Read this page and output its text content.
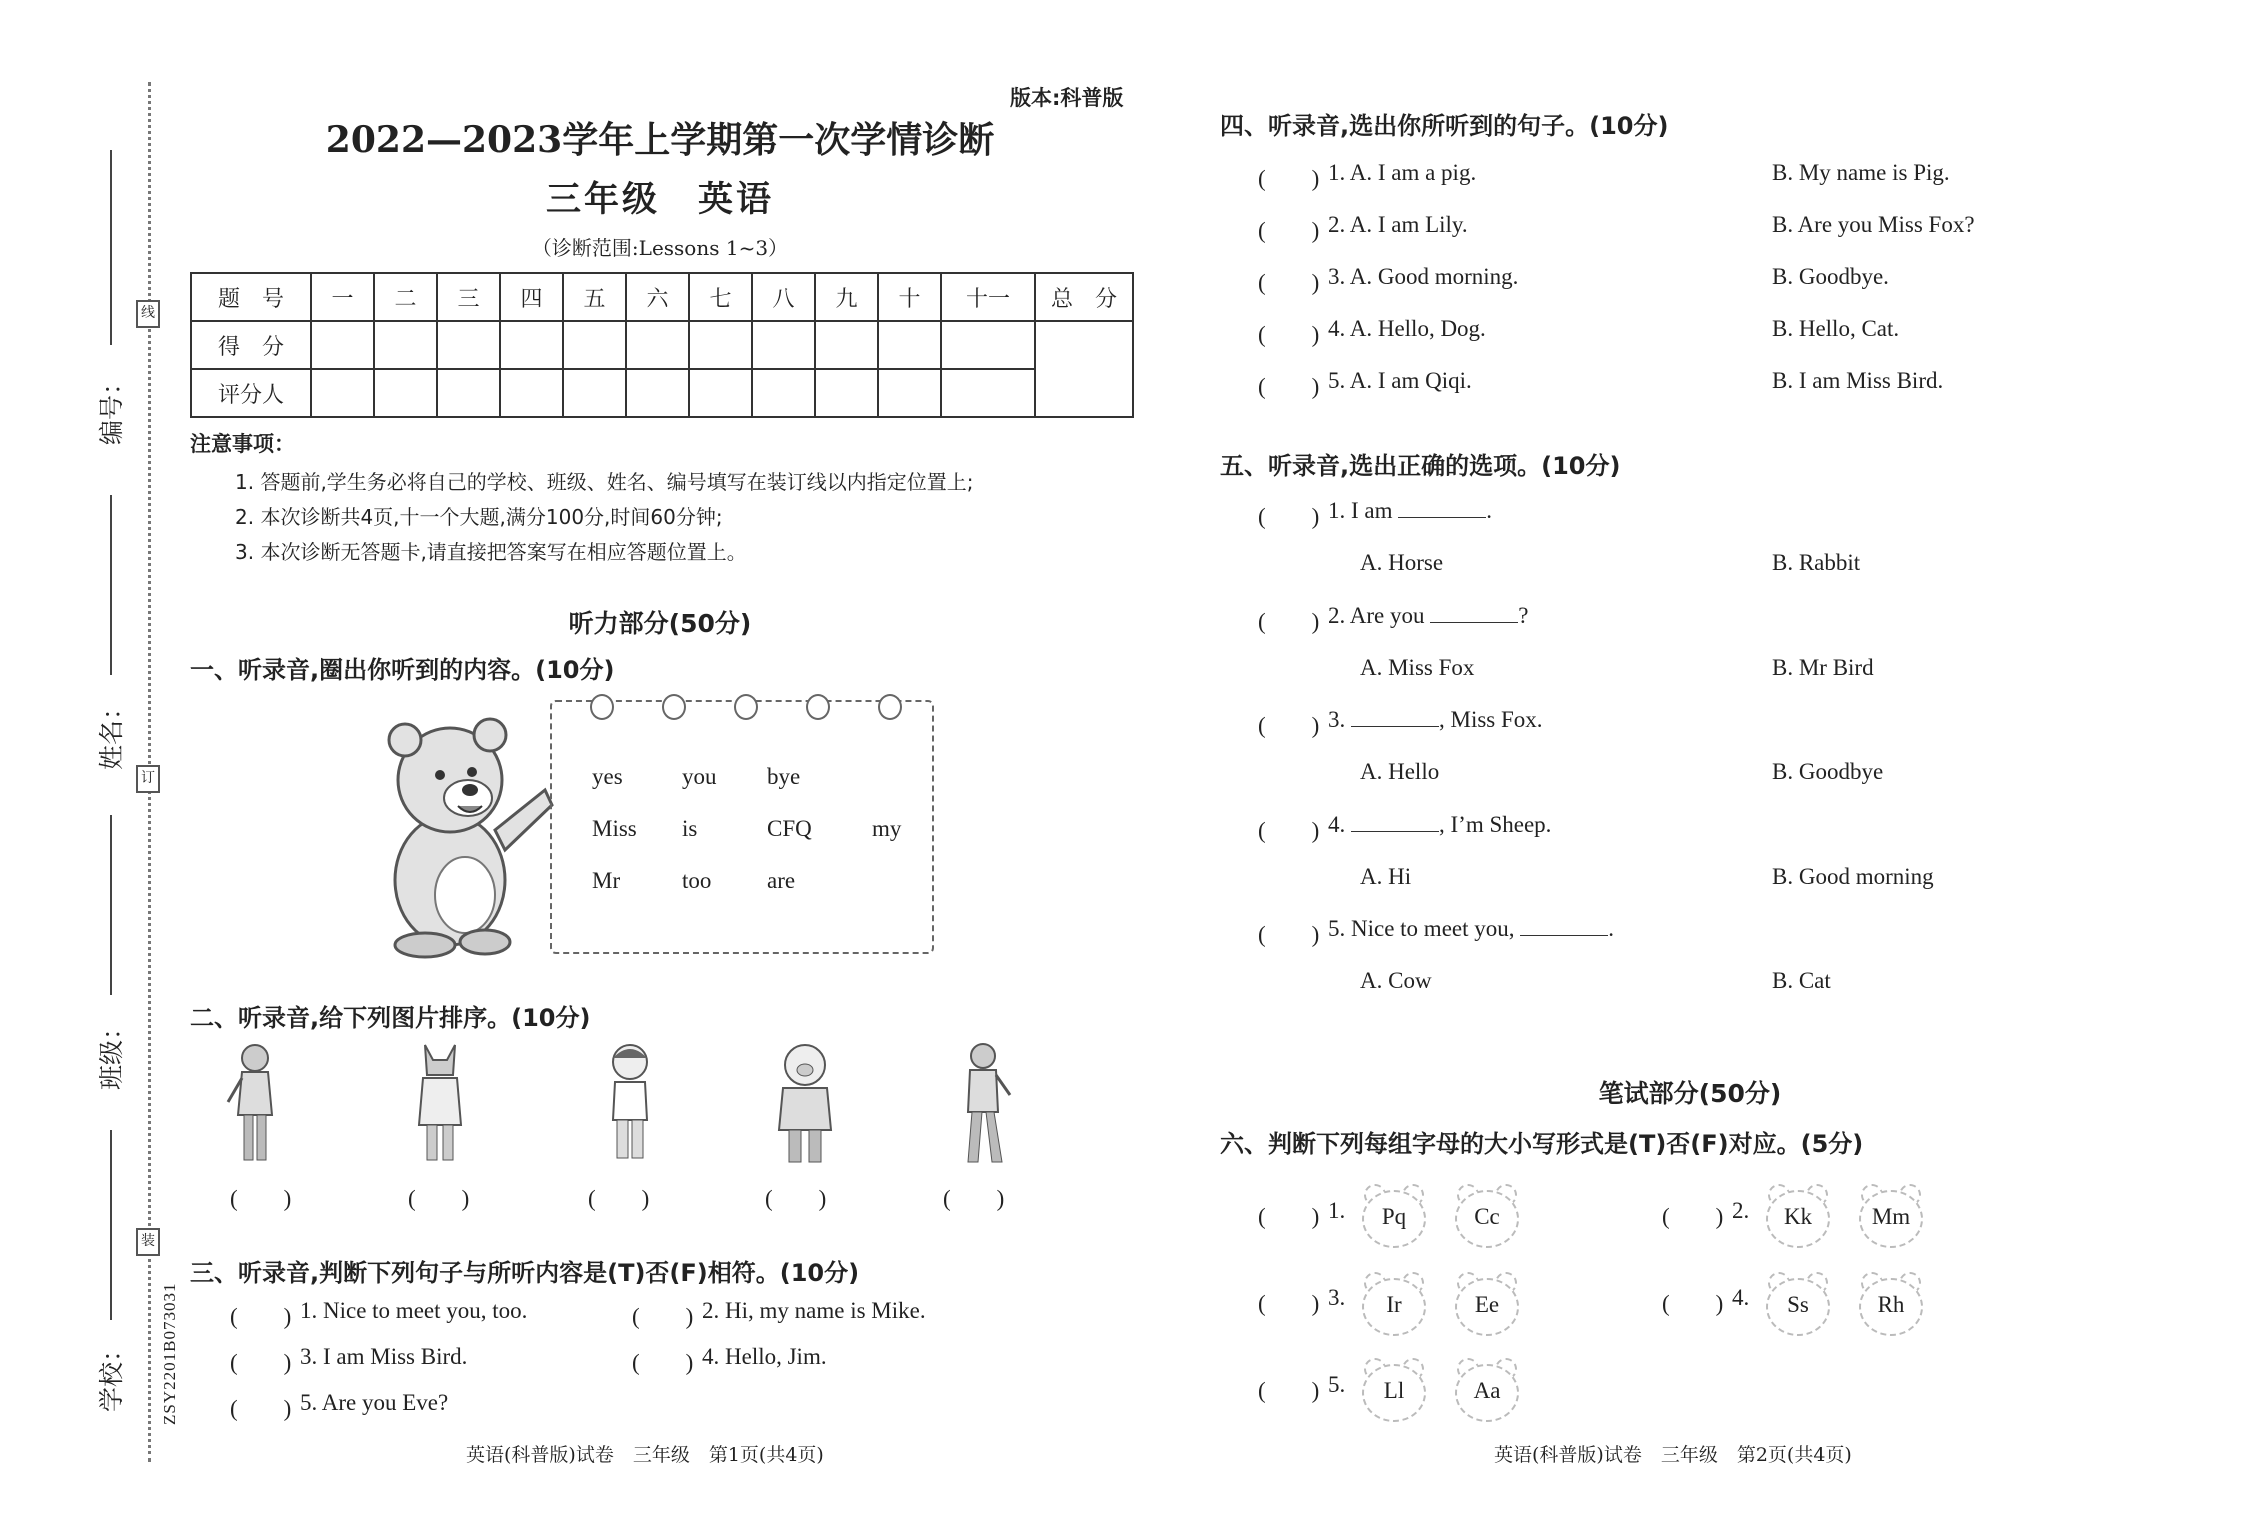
编号：
姓名：
班级：
学校：
线
订
装
ZSY2201B073031
版本:科普版
2022—2023学年上学期第一次学情诊断
三年级　英语
（诊断范围:Lessons 1~3）
题　号	一	二	三	四	五	六	七	八	九	十	十一	总　分
得　分												
评分人												
注意事项：
1. 答题前,学生务必将自己的学校、班级、姓名、编号填写在装订线以内指定位置上;
2. 本次诊断共4页,十一个大题,满分100分,时间60分钟;
3. 本次诊断无答题卡,请直接把答案写在相应答题位置上。
听力部分(50分)
一、听录音,圈出你听到的内容。(10分)
yes	you bye
Miss is	CFQ	my
Mr	too are
二、听录音,给下列图片排序。(10分)
(　　)	(　　)	(　　)	(　　)	(　　)
三、听录音,判断下列句子与所听内容是(T)否(F)相符。(10分)
(　　) 1. Nice to meet you, too.	(　　) 2. Hi, my name is Mike.
(　　) 3. I am Miss Bird.	(　　) 4. Hello, Jim.
(　　) 5. Are you Eve?
英语(科普版)试卷　三年级　第1页(共4页)
四、听录音,选出你所听到的句子。(10分)
(　　) 1. A. I am a pig.	B. My name is Pig.
(　　) 2. A. I am Lily.	B. Are you Miss Fox?
(　　) 3. A. Good morning.	B. Goodbye.
(　　) 4. A. Hello, Dog.	B. Hello, Cat.
(　　) 5. A. I am Qiqi.	B. I am Miss Bird.
五、听录音,选出正确的选项。(10分)
(　　) 1. I am	.
A. Horse	B. Rabbit
(　　) 2. Are you	?
A. Miss Fox	B. Mr Bird
(　　) 3.	, Miss Fox.
A. Hello	B. Goodbye
(　　) 4.	, I’m Sheep.
A. Hi	B. Good morning
(　　) 5. Nice to meet you,	.
A. Cow	B. Cat
笔试部分(50分)
六、判断下列每组字母的大小写形式是(T)否(F)对应。(5分)
(　　) 1.	Pq	Cc	(　　) 2.	Kk	Mm
(　　) 3.	Ir	Ee	(　　) 4.	Ss	Rh
(　　) 5.	Ll	Aa
英语(科普版)试卷　三年级　第2页(共4页)
